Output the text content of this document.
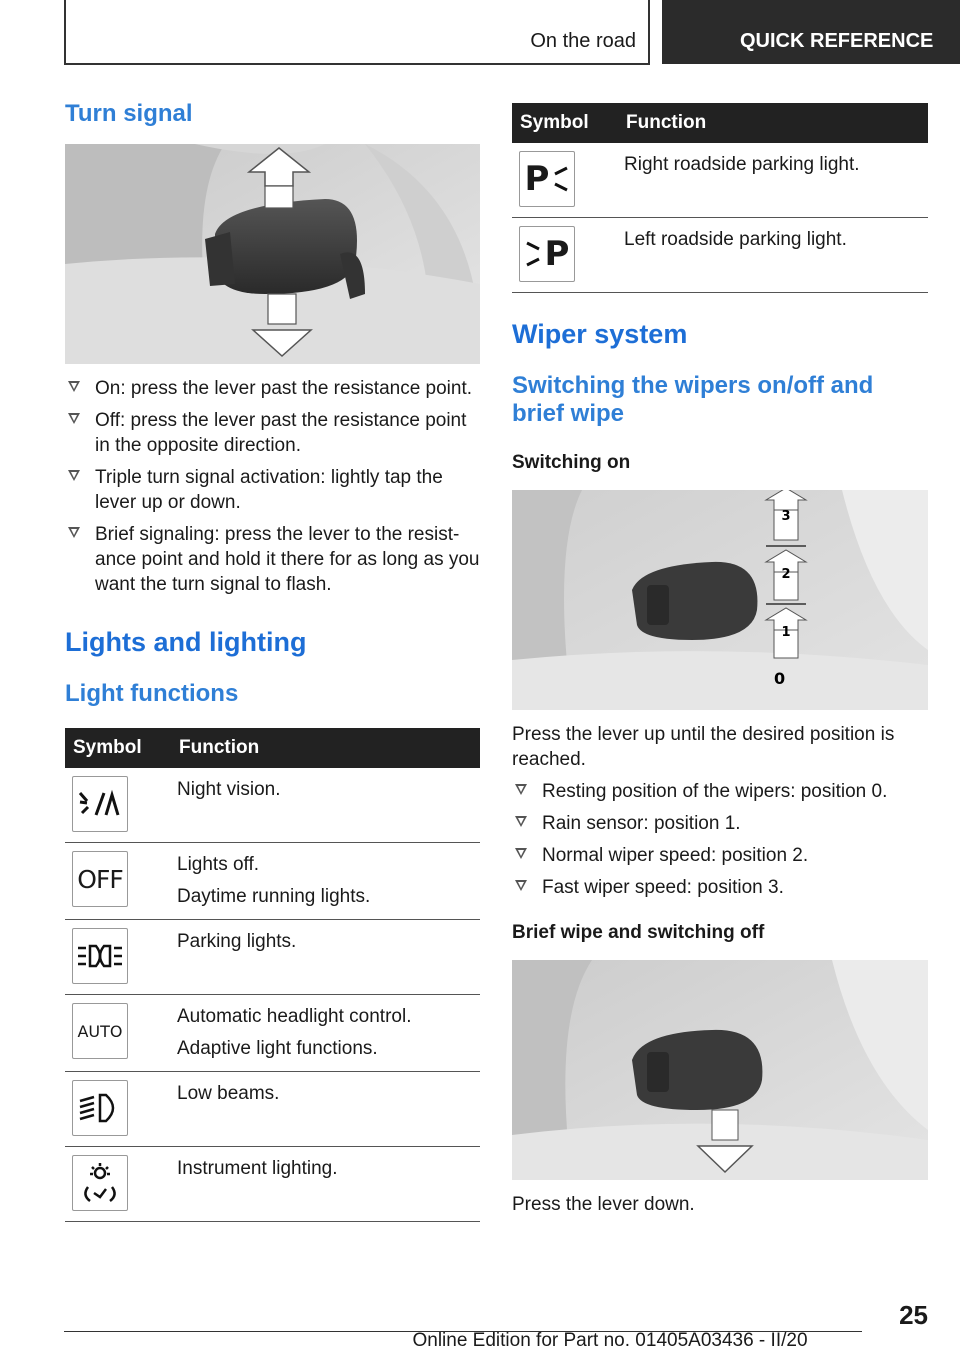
On the road	QUICK REFERENCE
Turn signal
On: press the lever past the resistance point.
Off: press the lever past the resistance point in the opposite direction.
Triple turn signal activation: lightly tap the lever up or down.
Brief signaling: press the lever to the resist-ance point and hold it there for as long as you want the turn signal to flash.
Lights and lighting
Light functions
Symbol	Function

Night vision.

OFF	Lights off.
Daytime running lights.

Parking lights.

AUTO	Automatic headlight control.
Adaptive light functions.

Low beams.

Instrument lighting.
Symbol	Function

P	Right roadside parking light.

P	Left roadside parking light.
Wiper system
Switching the wipers on/off and brief wipe
Switching on
3
2
1
0

Press the lever up until the desired position is reached.

Resting position of the wipers: position 0.
Rain sensor: position 1.
Normal wiper speed: position 2.
Fast wiper speed: position 3.
Brief wipe and switching off

Press the lever down.

25
Online Edition for Part no. 01405A03436 - II/20
